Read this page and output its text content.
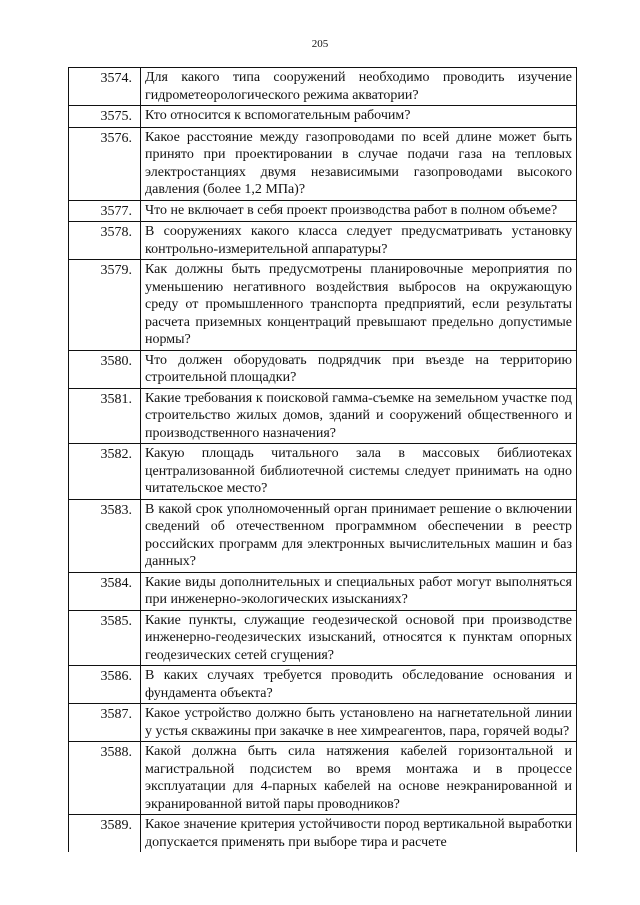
205
3574.	Для какого типа сооружений необходимо проводить изучение гидрометеорологического режима акватории?
3575.	Кто относится к вспомогательным рабочим?
3576.	Какое расстояние между газопроводами по всей длине может быть принято при проектировании в случае подачи газа на тепловых электростанциях двумя независимыми газопроводами высокого давления (более 1,2 МПа)?
3577.	Что не включает в себя проект производства работ в полном объеме?
3578.	В сооружениях какого класса следует предусматривать установку контрольно-измерительной аппаратуры?
3579.	Как должны быть предусмотрены планировочные мероприятия по уменьшению негативного воздействия выбросов на окружающую среду от промышленного транспорта предприятий, если результаты расчета приземных концентраций превышают предельно допустимые нормы?
3580.	Что должен оборудовать подрядчик при въезде на территорию строительной площадки?
3581.	Какие требования к поисковой гамма-съемке на земельном участке под строительство жилых домов, зданий и сооружений общественного и производственного назначения?
3582.	Какую площадь читального зала в массовых библиотеках централизованной библиотечной системы следует принимать на одно читательское место?
3583.	В какой срок уполномоченный орган принимает решение о включении сведений об отечественном программном обеспечении в реестр российских программ для электронных вычислительных машин и баз данных?
3584.	Какие виды дополнительных и специальных работ могут выполняться при инженерно-экологических изысканиях?
3585.	Какие пункты, служащие геодезической основой при производстве инженерно-геодезических изысканий, относятся к пунктам опорных геодезических сетей сгущения?
3586.	В каких случаях требуется проводить обследование основания и фундамента объекта?
3587.	Какое устройство должно быть установлено на нагнетательной линии у устья скважины при закачке в нее химреагентов, пара, горячей воды?
3588.	Какой должна быть сила натяжения кабелей горизонтальной и магистральной подсистем во время монтажа и в процессе эксплуатации для 4-парных кабелей на основе неэкранированной и экранированной витой пары проводников?
3589.	Какое значение критерия устойчивости пород вертикальной выработки допускается применять при выборе тира и расчете
